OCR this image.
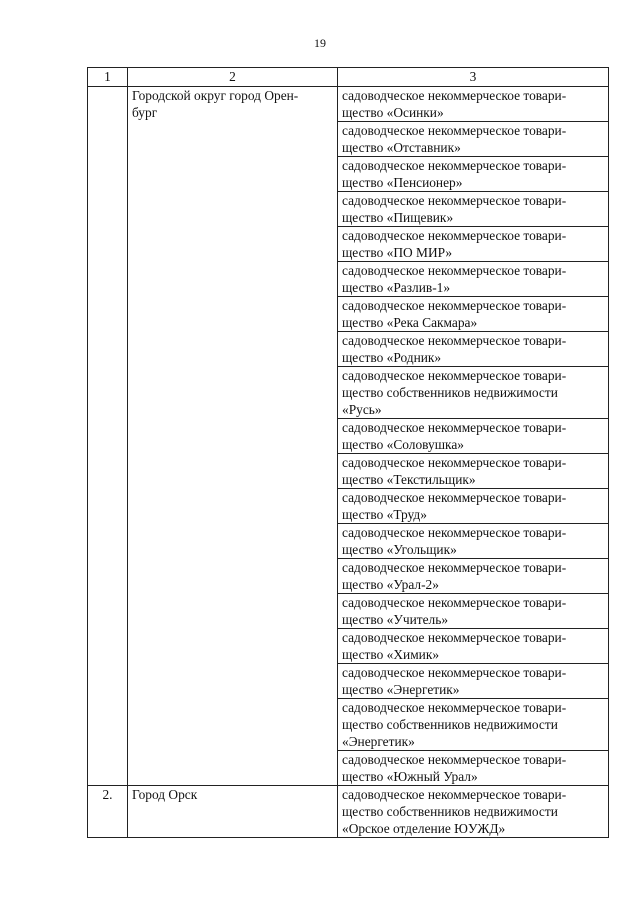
19
1	2	3

	Городской округ город Орен-
бург	садоводческое некоммерческое товари-
щество «Осинки»

		садоводческое некоммерческое товари-
щество «Отставник»

		садоводческое некоммерческое товари-
щество «Пенсионер»

		садоводческое некоммерческое товари-
щество «Пищевик»

		садоводческое некоммерческое товари-
щество «ПО МИР»

		садоводческое некоммерческое товари-
щество «Разлив-1»

		садоводческое некоммерческое товари-
щество «Река Сакмара»

		садоводческое некоммерческое товари-
щество «Родник»

		садоводческое некоммерческое товари-
щество собственников недвижимости
«Русь»

		садоводческое некоммерческое товари-
щество «Соловушка»

		садоводческое некоммерческое товари-
щество «Текстильщик»

		садоводческое некоммерческое товари-
щество «Труд»

		садоводческое некоммерческое товари-
щество «Угольщик»

		садоводческое некоммерческое товари-
щество «Урал-2»

		садоводческое некоммерческое товари-
щество «Учитель»

		садоводческое некоммерческое товари-
щество «Химик»

		садоводческое некоммерческое товари-
щество «Энергетик»

		садоводческое некоммерческое товари-
щество собственников недвижимости
«Энергетик»

		садоводческое некоммерческое товари-
щество «Южный Урал»

2.	Город Орск	садоводческое некоммерческое товари-
щество собственников недвижимости
«Орское отделение ЮУЖД»
